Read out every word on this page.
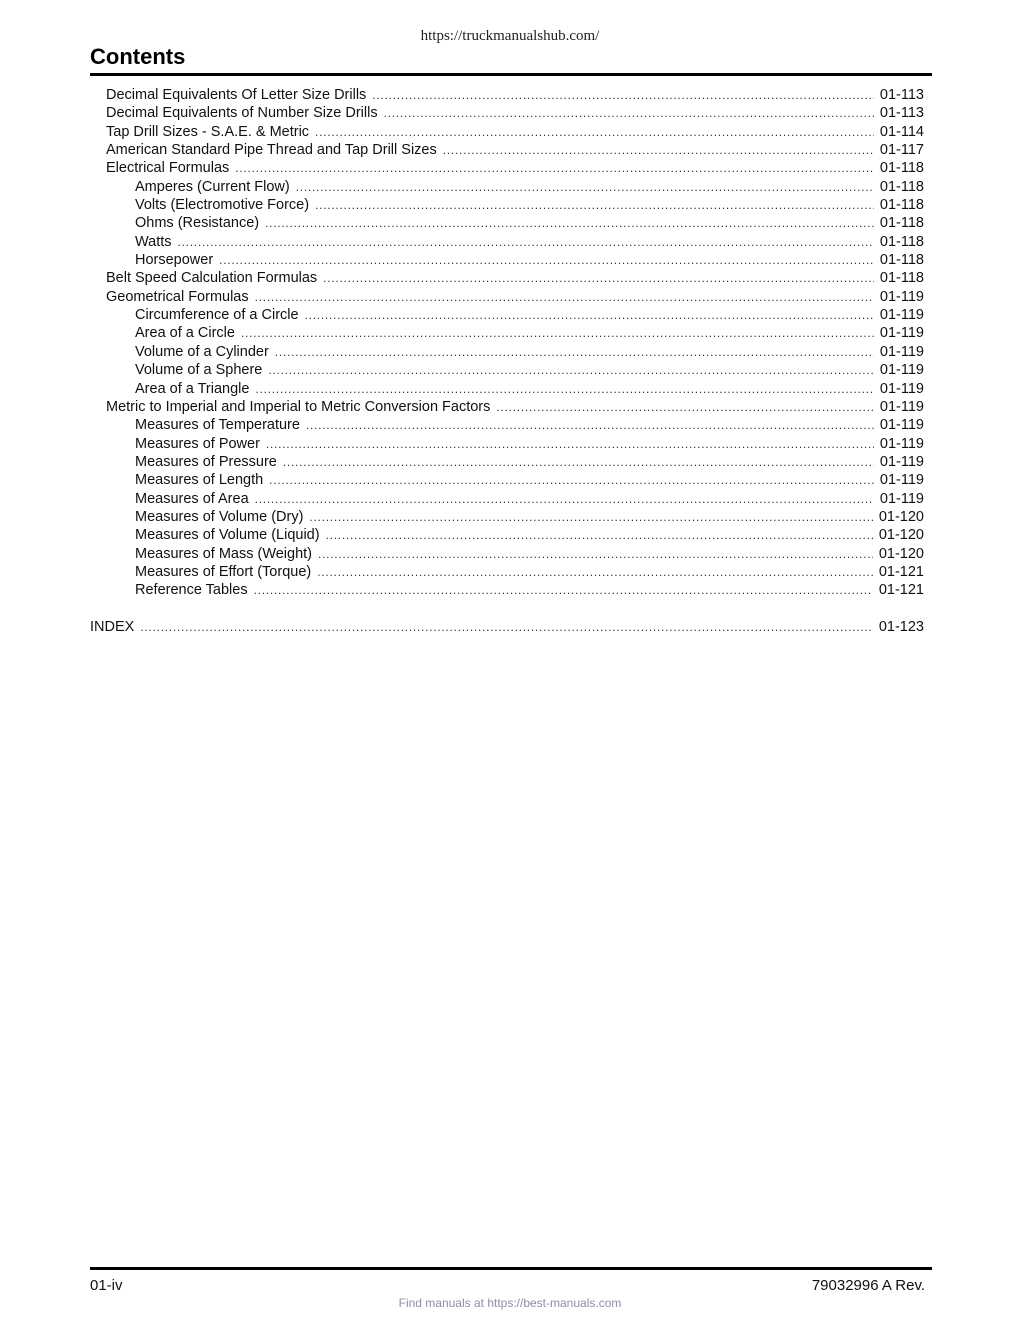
https://truckmanualshub.com/
Contents
Decimal Equivalents Of Letter Size Drills . . .	01-113
Decimal Equivalents of Number Size Drills . . .	01-113
Tap Drill Sizes - S.A.E. & Metric . . .	01-114
American Standard Pipe Thread and Tap Drill Sizes . . .	01-117
Electrical Formulas . . .	01-118
Amperes (Current Flow) . . .	01-118
Volts (Electromotive Force) . . .	01-118
Ohms (Resistance) . . .	01-118
Watts . . .	01-118
Horsepower . . .	01-118
Belt Speed Calculation Formulas . . .	01-118
Geometrical Formulas . . .	01-119
Circumference of a Circle . . .	01-119
Area of a Circle . . .	01-119
Volume of a Cylinder . . .	01-119
Volume of a Sphere . . .	01-119
Area of a Triangle . . .	01-119
Metric to Imperial and Imperial to Metric Conversion Factors . . .	01-119
Measures of Temperature . . .	01-119
Measures of Power . . .	01-119
Measures of Pressure . . .	01-119
Measures of Length . . .	01-119
Measures of Area . . .	01-119
Measures of Volume (Dry) . . .	01-120
Measures of Volume (Liquid) . . .	01-120
Measures of Mass (Weight) . . .	01-120
Measures of Effort (Torque) . . .	01-121
Reference Tables . . .	01-121
INDEX . . .	01-123
01-iv	79032996 A Rev.
Find manuals at https://best-manuals.com
